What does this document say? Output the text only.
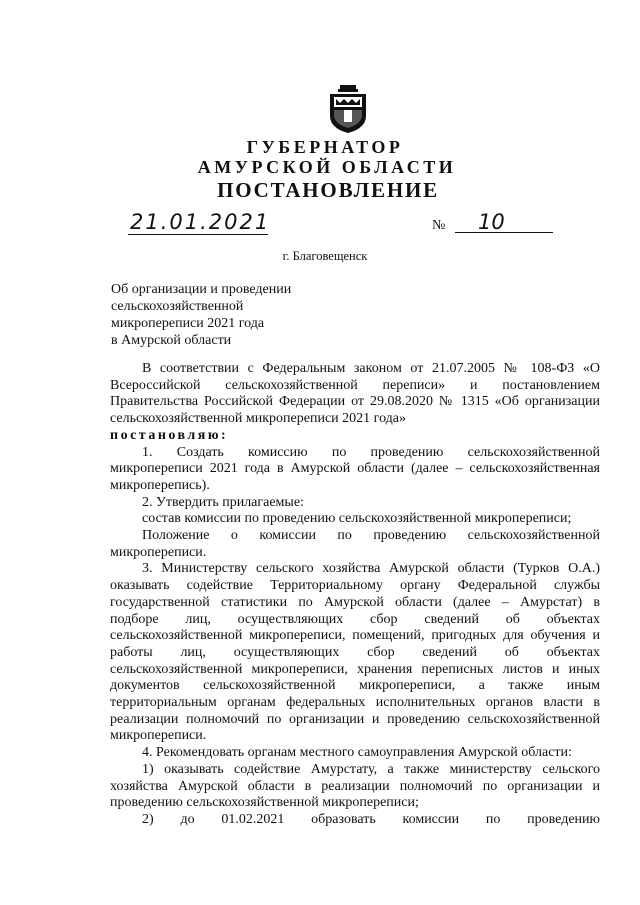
ГУБЕРНАТОР
АМУРСКОЙ ОБЛАСТИ
ПОСТАНОВЛЕНИЕ
21.01.2021	№ 10
г. Благовещенск
Об организации и проведении
сельскохозяйственной
микропереписи 2021 года
в Амурской области

В соответствии с Федеральным законом от 21.07.2005 № 108-ФЗ «О

Всероссийской сельскохозяйственной переписи» и постановлением

Правительства Российской Федерации от 29.08.2020 № 1315 «Об организации

сельскохозяйственной микропереписи 2021 года»

постановляю:

1. Создать комиссию по проведению сельскохозяйственной

микропереписи 2021 года в Амурской области (далее – сельскохозяйственная

микроперепись).

2. Утвердить прилагаемые:

состав комиссии по проведению сельскохозяйственной микропереписи;

Положение о комиссии по проведению сельскохозяйственной

микропереписи.

3. Министерству сельского хозяйства Амурской области (Турков О.А.)

оказывать содействие Территориальному органу Федеральной службы

государственной статистики по Амурской области (далее – Амурстат) в

подборе лиц, осуществляющих сбор сведений об объектах

сельскохозяйственной микропереписи, помещений, пригодных для обучения и

работы лиц, осуществляющих сбор сведений об объектах

сельскохозяйственной микропереписи, хранения переписных листов и иных

документов сельскохозяйственной микропереписи, а также иным

территориальным органам федеральных исполнительных органов власти в

реализации полномочий по организации и проведению сельскохозяйственной

микропереписи.

4. Рекомендовать органам местного самоуправления Амурской области:

1) оказывать содействие Амурстату, а также министерству сельского

хозяйства Амурской области в реализации полномочий по организации и

проведению сельскохозяйственной микропереписи;

2) до 01.02.2021 образовать комиссии по проведению
